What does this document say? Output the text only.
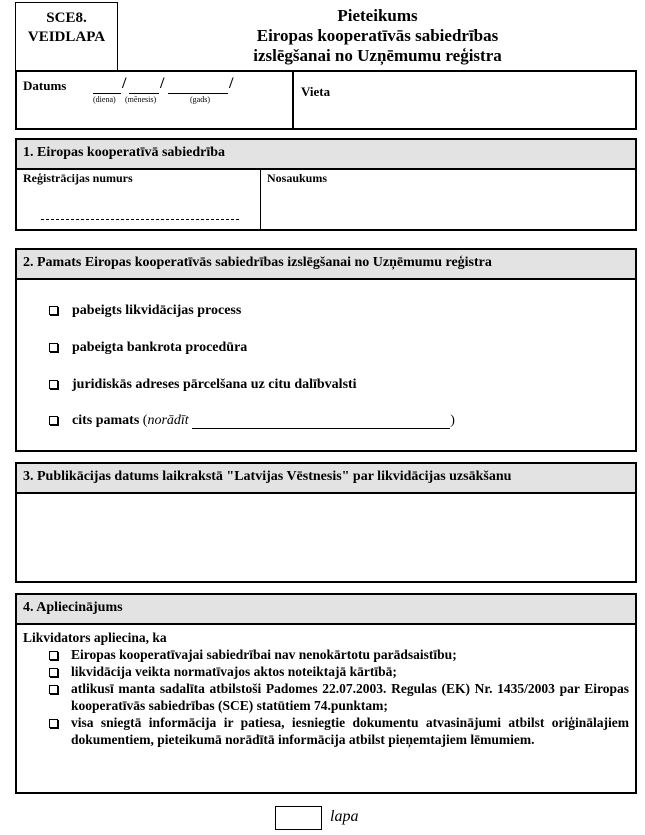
SCE8.
VEIDLAPA
Pieteikums
Eiropas kooperatīvās sabiedrības
izslēgšanai no Uzņēmumu reģistra
Datums	/ /	/
(diena) (mēnesis)	(gads)
Vieta
1. Eiropas kooperatīvā sabiedrība
Reģistrācijas numurs	Nosaukums
2. Pamats Eiropas kooperatīvās sabiedrības izslēgšanai no Uzņēmumu reģistra
pabeigts likvidācijas process
pabeigta bankrota procedūra
juridiskās adreses pārcelšana uz citu dalībvalsti
cits pamats (norādīt	)
3. Publikācijas datums laikrakstā "Latvijas Vēstnesis" par likvidācijas uzsākšanu
4. Apliecinājums
Likvidators apliecina, ka
Eiropas kooperatīvajai sabiedrībai nav nenokārtotu parādsaistību;
likvidācija veikta normatīvajos aktos noteiktajā kārtībā;
atlikusī manta sadalīta atbilstoši Padomes 22.07.2003. Regulas (EK) Nr. 1435/2003 par Eiropas kooperatīvās sabiedrības (SCE) statūtiem 74.punktam;
visa sniegtā informācija ir patiesa, iesniegtie dokumentu atvasinājumi atbilst oriģinālajiem dokumentiem, pieteikumā norādītā informācija atbilst pieņemtajiem lēmumiem.
lapa
